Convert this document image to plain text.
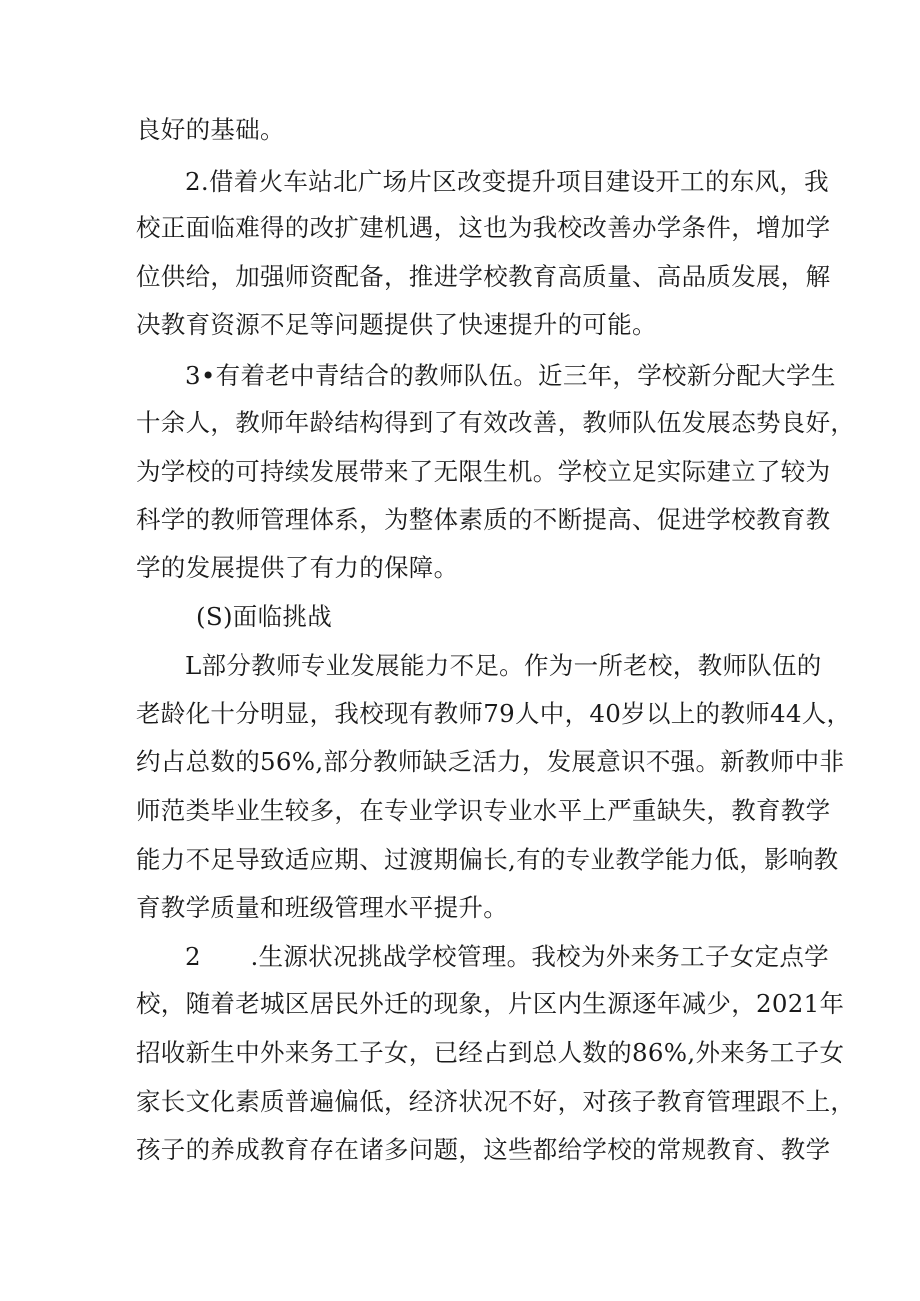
良好的基础。
2.借着火车站北广场片区改变提升项目建设开工的东风，我
校正面临难得的改扩建机遇，这也为我校改善办学条件，增加学
位供给，加强师资配备，推进学校教育高质量、高品质发展，解
决教育资源不足等问题提供了快速提升的可能。
3•有着老中青结合的教师队伍。近三年，学校新分配大学生
十余人，教师年龄结构得到了有效改善，教师队伍发展态势良好，
为学校的可持续发展带来了无限生机。学校立足实际建立了较为
科学的教师管理体系，为整体素质的不断提高、促进学校教育教
学的发展提供了有力的保障。
(S)面临挑战
L部分教师专业发展能力不足。作为一所老校，教师队伍的
老龄化十分明显，我校现有教师79人中，40岁以上的教师44人，
约占总数的56%,部分教师缺乏活力，发展意识不强。新教师中非
师范类毕业生较多，在专业学识专业水平上严重缺失，教育教学
能力不足导致适应期、过渡期偏长,有的专业教学能力低，影响教
育教学质量和班级管理水平提升。
2　　.生源状况挑战学校管理。我校为外来务工子女定点学
校，随着老城区居民外迁的现象，片区内生源逐年减少，2021年
招收新生中外来务工子女，已经占到总人数的86%,外来务工子女
家长文化素质普遍偏低，经济状况不好，对孩子教育管理跟不上，
孩子的养成教育存在诸多问题，这些都给学校的常规教育、教学
